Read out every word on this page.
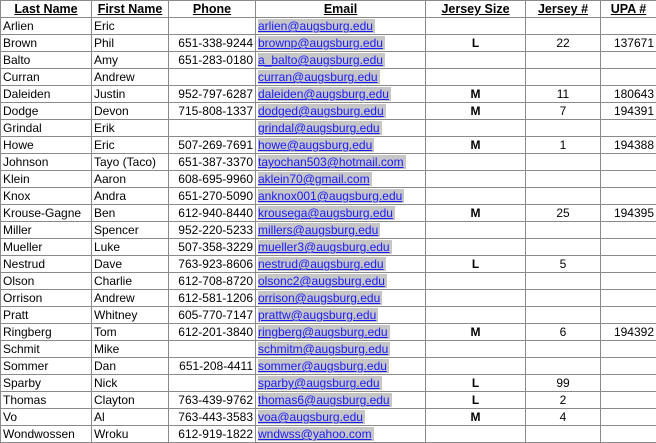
Last Name	First Name	Phone	Email	Jersey Size	Jersey #	UPA #
Arlien	Eric		arlien@augsburg.edu			
Brown	Phil	651-338-9244	brownp@augsburg.edu	L	22	137671
Balto	Amy	651-283-0180	a_balto@augsburg.edu			
Curran	Andrew		curran@augsburg.edu			
Daleiden	Justin	952-797-6287	daleiden@augsburg.edu	M	11	180643
Dodge	Devon	715-808-1337	dodged@augsburg.edu	M	7	194391
Grindal	Erik		grindal@augsburg.edu			
Howe	Eric	507-269-7691	howe@augsburg.edu	M	1	194388
Johnson	Tayo (Taco)	651-387-3370	tayochan503@hotmail.com			
Klein	Aaron	608-695-9960	aklein70@gmail.com			
Knox	Andra	651-270-5090	anknox001@augsburg.edu			
Krouse-Gagne	Ben	612-940-8440	krousega@augsburg.edu	M	25	194395
Miller	Spencer	952-220-5233	millers@augsburg.edu			
Mueller	Luke	507-358-3229	mueller3@augsburg.edu			
Nestrud	Dave	763-923-8606	nestrud@augsburg.edu	L	5	
Olson	Charlie	612-708-8720	olsonc2@augsburg.edu			
Orrison	Andrew	612-581-1206	orrison@augsburg.edu			
Pratt	Whitney	605-770-7147	prattw@augsburg.edu			
Ringberg	Tom	612-201-3840	ringberg@augsburg.edu	M	6	194392
Schmit	Mike		schmitm@augsburg.edu			
Sommer	Dan	651-208-4411	sommer@augsburg.edu			
Sparby	Nick		sparby@augsburg.edu	L	99	
Thomas	Clayton	763-439-9762	thomas6@augsburg.edu	L	2	
Vo	Al	763-443-3583	voa@augsburg.edu	M	4	
Wondwossen	Wroku	612-919-1822	wndwss@yahoo.com			
